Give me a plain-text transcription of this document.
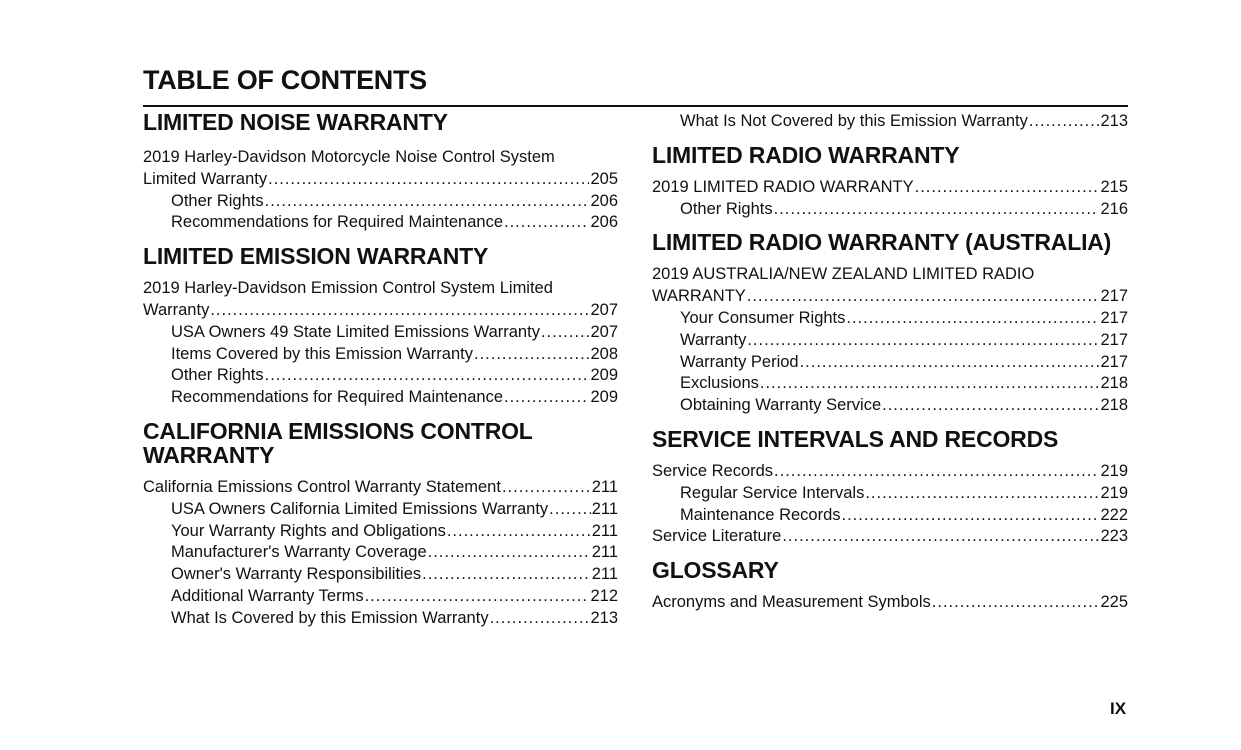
TABLE OF CONTENTS
LIMITED NOISE WARRANTY
2019 Harley-Davidson Motorcycle Noise Control System
Limited Warranty .....	205
Other Rights .....	206
Recommendations for Required Maintenance .....	206
LIMITED EMISSION WARRANTY
2019 Harley-Davidson Emission Control System Limited
Warranty .....	207
USA Owners 49 State Limited Emissions Warranty .....	207
Items Covered by this Emission Warranty .....	208
Other Rights .....	209
Recommendations for Required Maintenance .....	209
CALIFORNIA EMISSIONS CONTROL
WARRANTY
California Emissions Control Warranty Statement .....	211
USA Owners California Limited Emissions Warranty .....	211
Your Warranty Rights and Obligations .....	211
Manufacturer's Warranty Coverage .....	211
Owner's Warranty Responsibilities .....	211
Additional Warranty Terms .....	212
What Is Covered by this Emission Warranty .....	213
What Is Not Covered by this Emission Warranty .....	213
LIMITED RADIO WARRANTY
2019 LIMITED RADIO WARRANTY .....	215
Other Rights .....	216
LIMITED RADIO WARRANTY (AUSTRALIA)
2019 AUSTRALIA/NEW ZEALAND LIMITED RADIO
WARRANTY .....	217
Your Consumer Rights .....	217
Warranty .....	217
Warranty Period .....	217
Exclusions .....	218
Obtaining Warranty Service .....	218
SERVICE INTERVALS AND RECORDS
Service Records .....	219
Regular Service Intervals .....	219
Maintenance Records .....	222
Service Literature .....	223
GLOSSARY
Acronyms and Measurement Symbols .....	225
IX
